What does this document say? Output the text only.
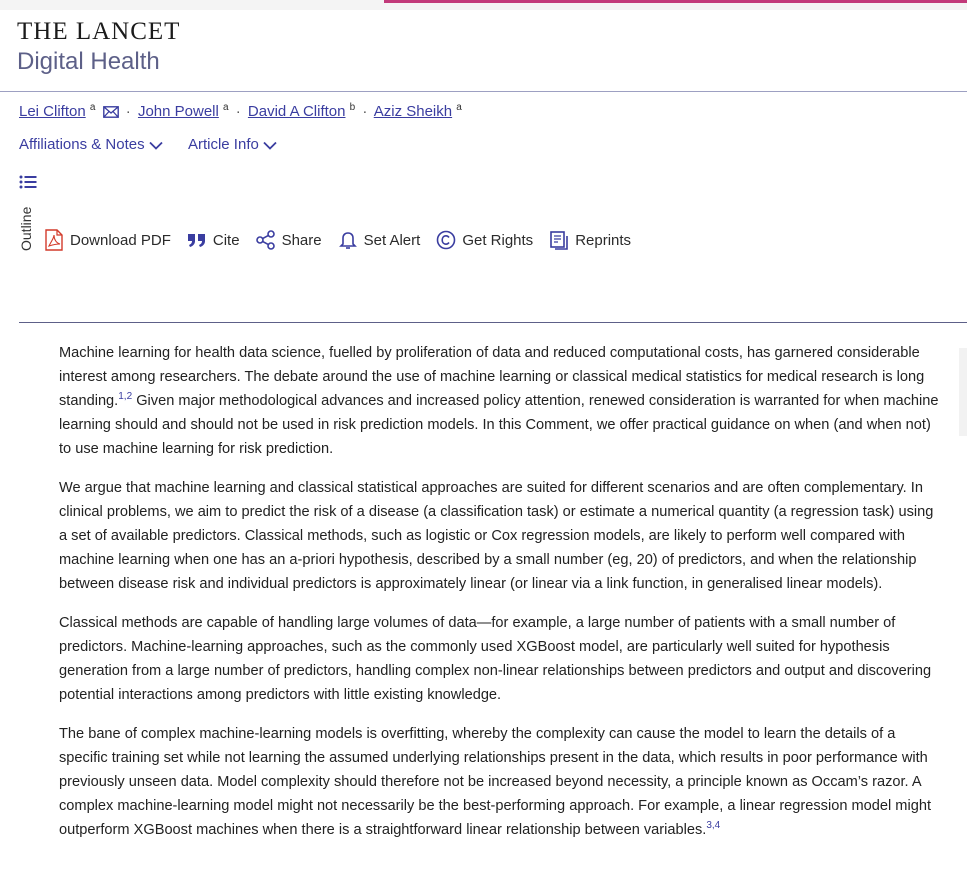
THE LANCET
Digital Health
Lei Clifton $^a$ · John Powell $^a$ · David A Clifton $^b$ · Aziz Sheikh $^a$
Affiliations & Notes	Article Info
Outline Download PDF	Cite	Share	Set Alert	Get Rights	Reprints

Machine learning for health data science, fuelled by proliferation of data and reduced computational costs, has garnered considerable interest among researchers. The debate around the use of machine learning or classical medical statistics for medical research is long standing.$^{1,2}$ Given major methodological advances and increased policy attention, renewed consideration is warranted for when machine learning should and should not be used in risk prediction models. In this Comment, we offer practical guidance on when (and when not) to use machine learning for risk prediction.

We argue that machine learning and classical statistical approaches are suited for different scenarios and are often complementary. In clinical problems, we aim to predict the risk of a disease (a classification task) or estimate a numerical quantity (a regression task) using a set of available predictors. Classical methods, such as logistic or Cox regression models, are likely to perform well compared with machine learning when one has an a-priori hypothesis, described by a small number (eg, 20) of predictors, and when the relationship between disease risk and individual predictors is approximately linear (or linear via a link function, in generalised linear models).

Classical methods are capable of handling large volumes of data—for example, a large number of patients with a small number of predictors. Machine-learning approaches, such as the commonly used XGBoost model, are particularly well suited for hypothesis generation from a large number of predictors, handling complex non-linear relationships between predictors and output and discovering potential interactions among predictors with little existing knowledge.

The bane of complex machine-learning models is overfitting, whereby the complexity can cause the model to learn the details of a specific training set while not learning the assumed underlying relationships present in the data, which results in poor performance with previously unseen data. Model complexity should therefore not be increased beyond necessity, a principle known as Occam’s razor. A complex machine-learning model might not necessarily be the best-performing approach. For example, a linear regression model might outperform XGBoost machines when there is a straightforward linear relationship between variables.$^{3,4}$
